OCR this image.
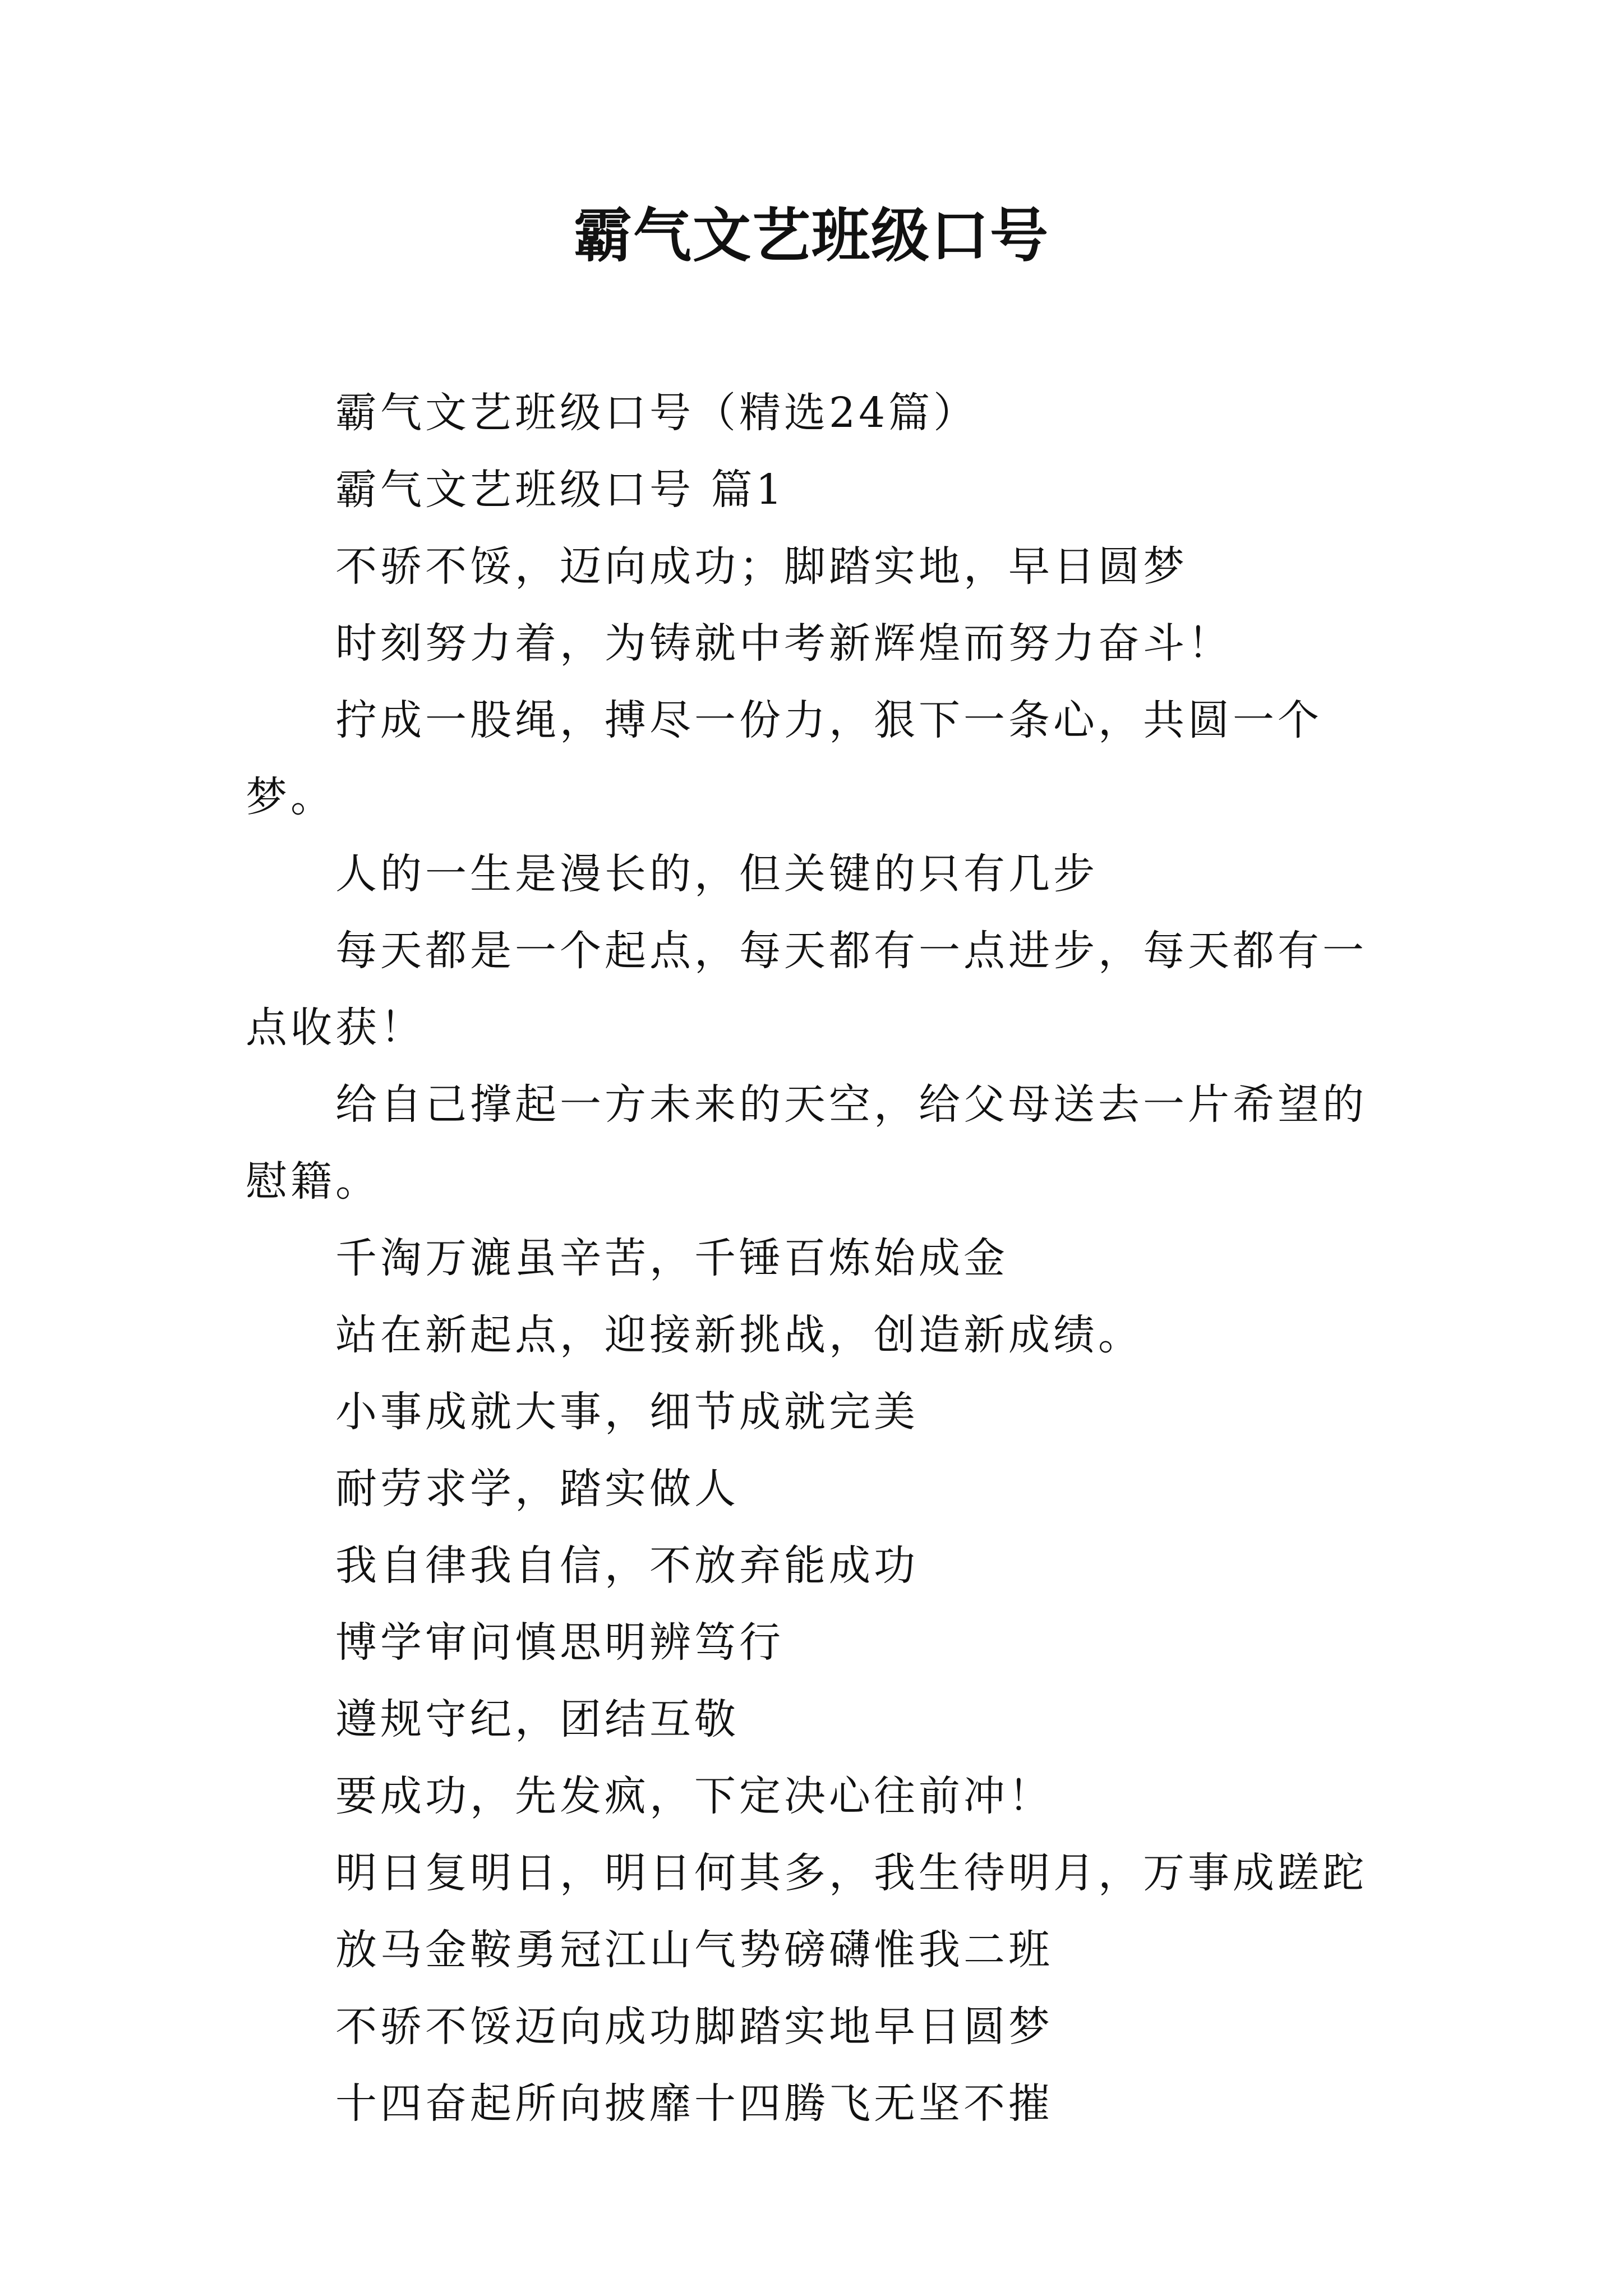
霸气文艺班级口号

霸气文艺班级口号（精选24篇）

霸气文艺班级口号 篇1

不骄不馁，迈向成功；脚踏实地，早日圆梦

时刻努力着，为铸就中考新辉煌而努力奋斗！

拧成一股绳，搏尽一份力，狠下一条心，共圆一个梦。

人的一生是漫长的，但关键的只有几步

每天都是一个起点，每天都有一点进步，每天都有一点收获！

给自己撑起一方未来的天空，给父母送去一片希望的慰籍。

千淘万漉虽辛苦，千锤百炼始成金

站在新起点，迎接新挑战，创造新成绩。

小事成就大事，细节成就完美

耐劳求学，踏实做人

我自律我自信，不放弃能成功

博学审问慎思明辨笃行

遵规守纪，团结互敬

要成功，先发疯，下定决心往前冲！

明日复明日，明日何其多，我生待明月，万事成蹉跎

放马金鞍勇冠江山气势磅礴惟我二班

不骄不馁迈向成功脚踏实地早日圆梦

十四奋起所向披靡十四腾飞无坚不摧
